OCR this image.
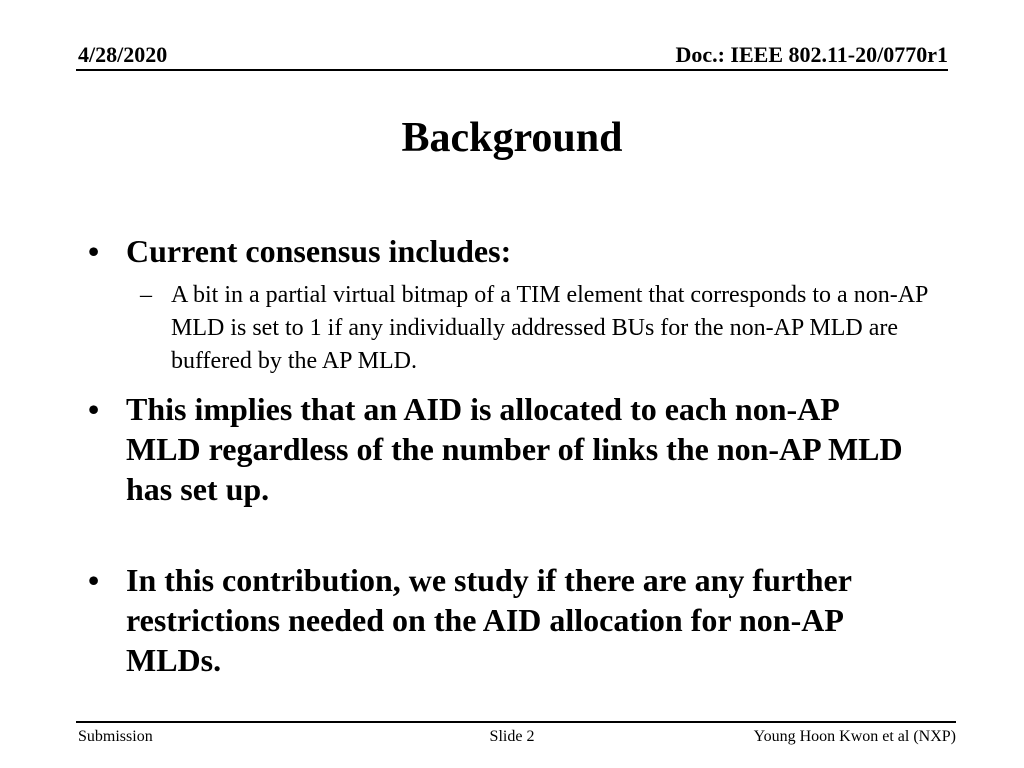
4/28/2020	Doc.: IEEE 802.11-20/0770r1
Background
• Current consensus includes:
– A bit in a partial virtual bitmap of a TIM element that corresponds to a non-AP MLD is set to 1 if any individually addressed BUs for the non-AP MLD are buffered by the AP MLD.
• This implies that an AID is allocated to each non-AP MLD regardless of the number of links the non-AP MLD has set up.
• In this contribution, we study if there are any further restrictions needed on the AID allocation for non-AP MLDs.
Submission	Slide 2	Young Hoon Kwon et al (NXP)
